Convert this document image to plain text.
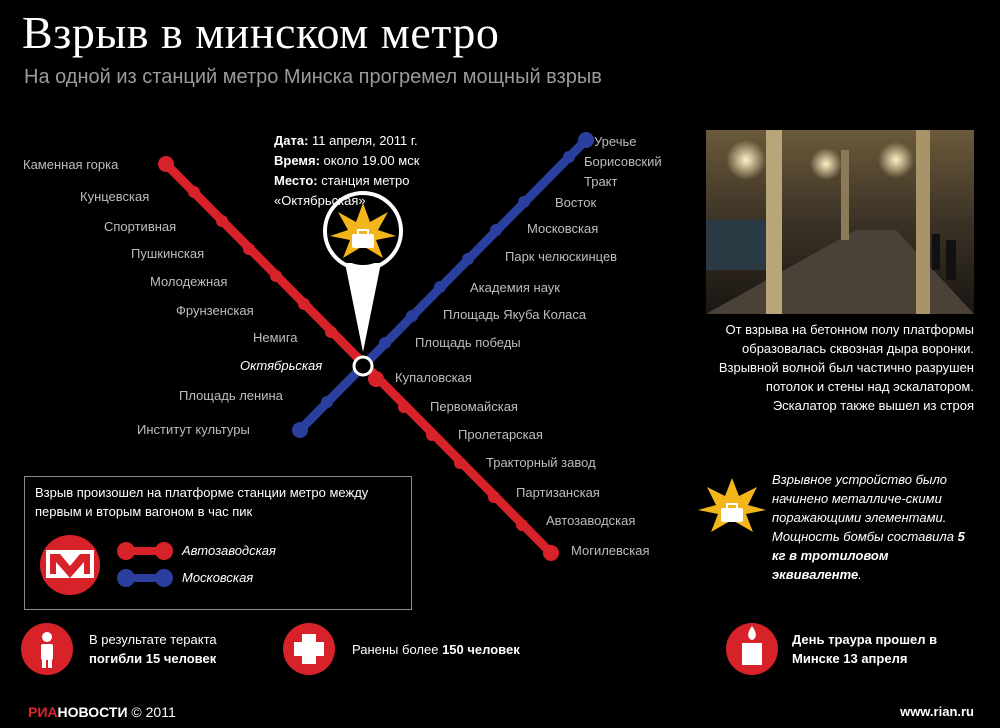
Взрыв в минском метро
На одной из станций метро Минска прогремел мощный взрыв
Каменная горка
Кунцевская
Спортивная
Пушкинская
Молодежная
Фрунзенская
Немига
Купаловская
Первомайская
Пролетарская
Тракторный завод
Партизанская
Автозаводская
Могилевская
Уречье
Борисовский
Тракт
Восток
Московская
Парк челюскинцев
Академия наук
Площадь Якуба Коласа
Площадь победы
Площадь ленина
Институт культуры
Октябрьская
Дата: 11 апреля, 2011 г.
Время: около 19.00 мск
Место: станция метро
«Октябрьская»
От взрыва на бетонном полу платформы образовалась сквозная дыра воронки. Взрывной волной был частично разрушен потолок и стены над эскалатором. Эскалатор также вышел из строя
Взрывное устройство было начинено металличе-скими поражающими элементами. Мощность бомбы составила 5 кг в тротиловом эквиваленте.
Взрыв произошел на платформе станции метро между первым и вторым вагоном в час пик
Автозаводская
Московская
В результате теракта
погибли 15 человек
Ранены более 150 человек
День траура прошел в
Минске 13 апреля
РИАНОВОСТИ © 2011	www.rian.ru
